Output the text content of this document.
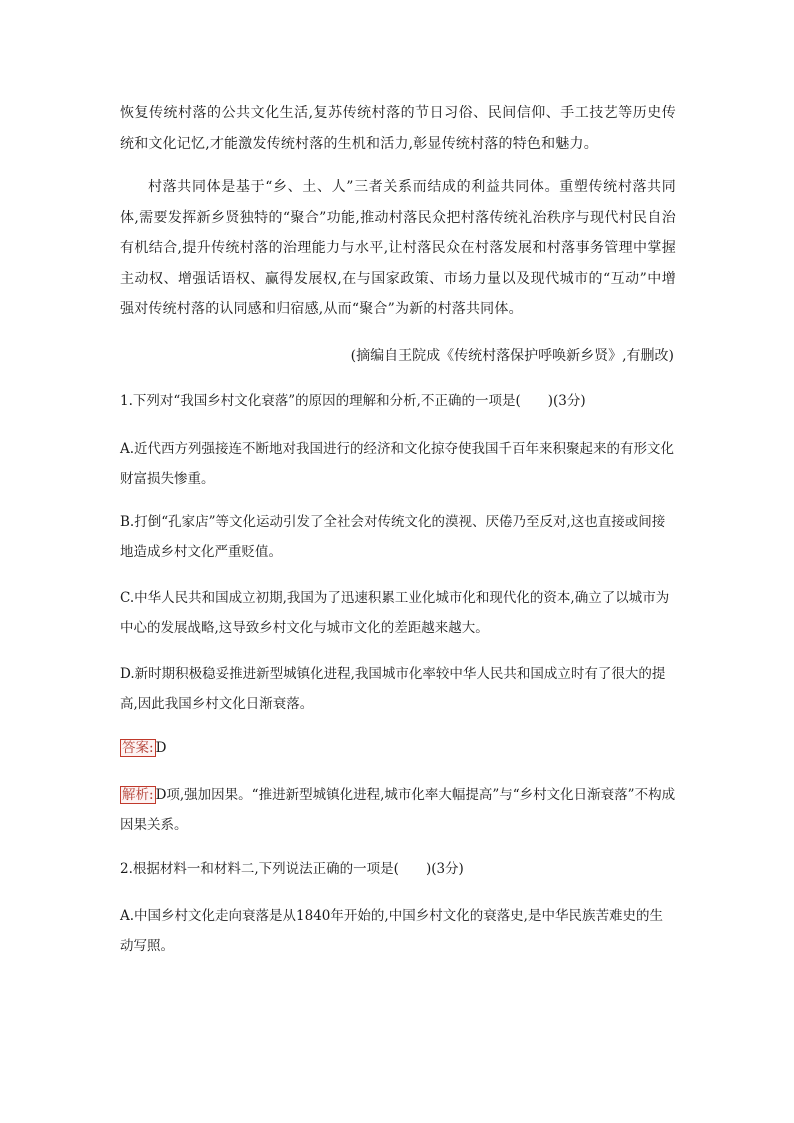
恢复传统村落的公共文化生活,复苏传统村落的节日习俗、民间信仰、手工技艺等历史传统和文化记忆,才能激发传统村落的生机和活力,彰显传统村落的特色和魅力。

村落共同体是基于“乡、土、人”三者关系而结成的利益共同体。重塑传统村落共同体,需要发挥新乡贤独特的“聚合”功能,推动村落民众把村落传统礼治秩序与现代村民自治有机结合,提升传统村落的治理能力与水平,让村落民众在村落发展和村落事务管理中掌握主动权、增强话语权、赢得发展权,在与国家政策、市场力量以及现代城市的“互动”中增强对传统村落的认同感和归宿感,从而“聚合”为新的村落共同体。

(摘编自王院成《传统村落保护呼唤新乡贤》,有删改)

1.下列对“我国乡村文化衰落”的原因的理解和分析,不正确的一项是(　　)(3分)

A.近代西方列强接连不断地对我国进行的经济和文化掠夺使我国千百年来积聚起来的有形文化财富损失惨重。

B.打倒“孔家店”等文化运动引发了全社会对传统文化的漠视、厌倦乃至反对,这也直接或间接地造成乡村文化严重贬值。

C.中华人民共和国成立初期,我国为了迅速积累工业化城市化和现代化的资本,确立了以城市为中心的发展战略,这导致乡村文化与城市文化的差距越来越大。

D.新时期积极稳妥推进新型城镇化进程,我国城市化率较中华人民共和国成立时有了很大的提高,因此我国乡村文化日渐衰落。

答案: D

解析: D项,强加因果。“推进新型城镇化进程,城市化率大幅提高”与“乡村文化日渐衰落”不构成因果关系。

2.根据材料一和材料二,下列说法正确的一项是(　　)(3分)

A.中国乡村文化走向衰落是从1840年开始的,中国乡村文化的衰落史,是中华民族苦难史的生动写照。
